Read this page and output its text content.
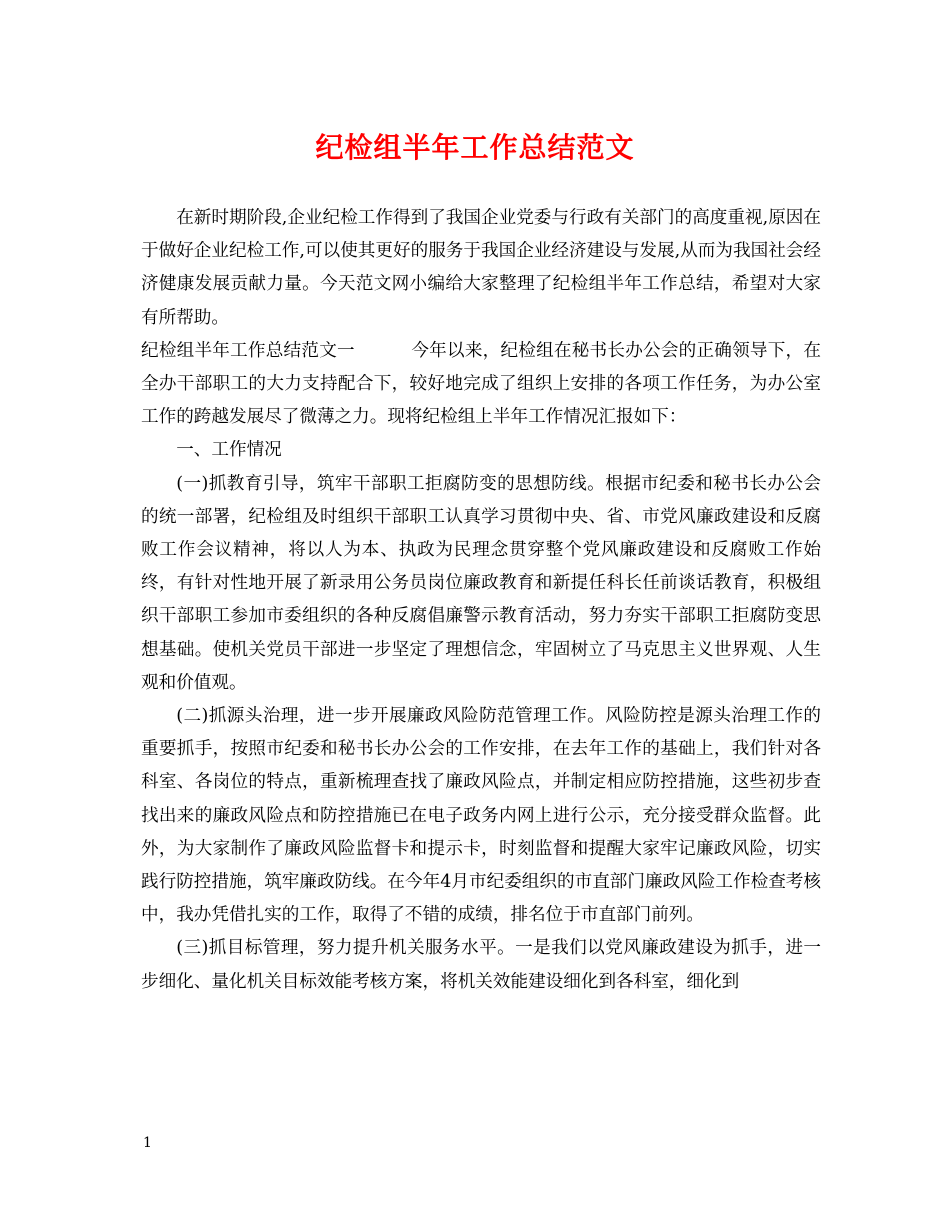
纪检组半年工作总结范文

在新时期阶段,企业纪检工作得到了我国企业党委与行政有关部门的高度重视,原因在于做好企业纪检工作,可以使其更好的服务于我国企业经济建设与发展,从而为我国社会经济健康发展贡献力量。今天范文网小编给大家整理了纪检组半年工作总结，希望对大家有所帮助。

纪检组半年工作总结范文一	今年以来，纪检组在秘书长办公会的正确领导下，在全办干部职工的大力支持配合下，较好地完成了组织上安排的各项工作任务，为办公室工作的跨越发展尽了微薄之力。现将纪检组上半年工作情况汇报如下：

一、工作情况

(一)抓教育引导，筑牢干部职工拒腐防变的思想防线。根据市纪委和秘书长办公会的统一部署，纪检组及时组织干部职工认真学习贯彻中央、省、市党风廉政建设和反腐败工作会议精神，将以人为本、执政为民理念贯穿整个党风廉政建设和反腐败工作始终，有针对性地开展了新录用公务员岗位廉政教育和新提任科长任前谈话教育，积极组织干部职工参加市委组织的各种反腐倡廉警示教育活动，努力夯实干部职工拒腐防变思想基础。使机关党员干部进一步坚定了理想信念，牢固树立了马克思主义世界观、人生观和价值观。

(二)抓源头治理，进一步开展廉政风险防范管理工作。风险防控是源头治理工作的重要抓手，按照市纪委和秘书长办公会的工作安排，在去年工作的基础上，我们针对各科室、各岗位的特点，重新梳理查找了廉政风险点，并制定相应防控措施，这些初步查找出来的廉政风险点和防控措施已在电子政务内网上进行公示，充分接受群众监督。此外，为大家制作了廉政风险监督卡和提示卡，时刻监督和提醒大家牢记廉政风险，切实践行防控措施，筑牢廉政防线。在今年4月市纪委组织的市直部门廉政风险工作检查考核中，我办凭借扎实的工作，取得了不错的成绩，排名位于市直部门前列。

(三)抓目标管理，努力提升机关服务水平。一是我们以党风廉政建设为抓手，进一步细化、量化机关目标效能考核方案，将机关效能建设细化到各科室，细化到

1
